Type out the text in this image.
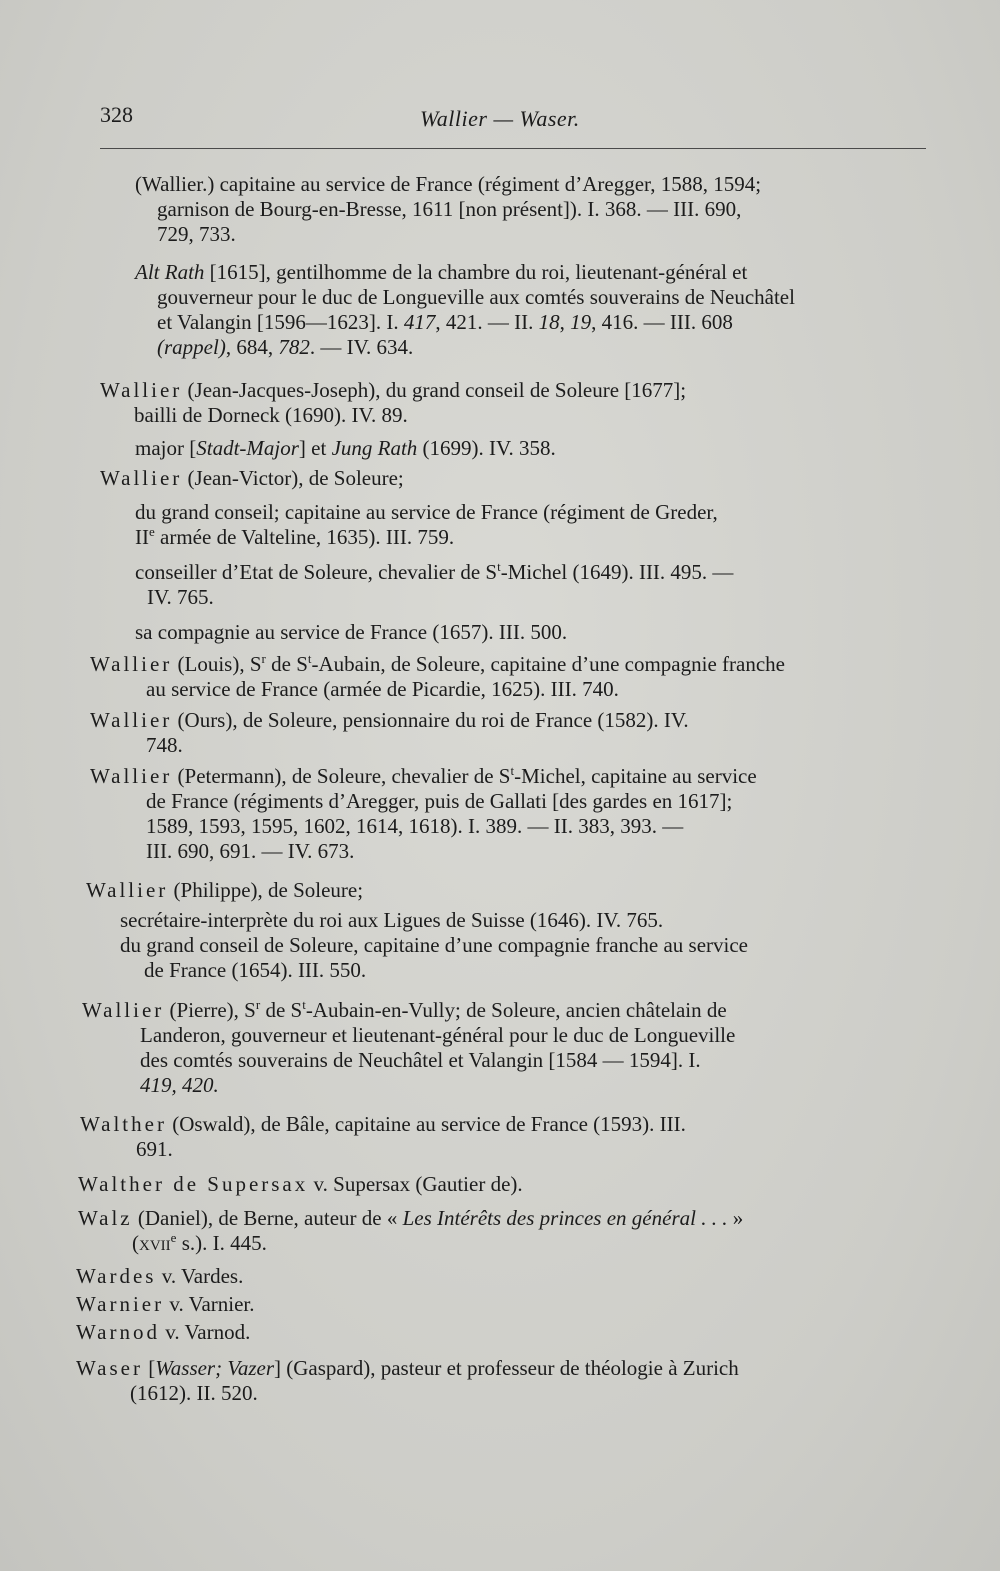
328	Wallier — Waser.
(Wallier.) capitaine au service de France (régiment d’Aregger, 1588, 1594;
garnison de Bourg-en-Bresse, 1611 [non présent]). I. 368. — III. 690,
729, 733.
Alt Rath [1615], gentilhomme de la chambre du roi, lieutenant-général et
gouverneur pour le duc de Longueville aux comtés souverains de Neuchâtel
et Valangin [1596—1623]. I. 417, 421. — II. 18, 19, 416. — III. 608
(rappel), 684, 782. — IV. 634.
Wallier (Jean-Jacques-Joseph), du grand conseil de Soleure [1677];
bailli de Dorneck (1690). IV. 89.
major [Stadt-Major] et Jung Rath (1699). IV. 358.
Wallier (Jean-Victor), de Soleure;
du grand conseil; capitaine au service de France (régiment de Greder,
IIe armée de Valteline, 1635). III. 759.
conseiller d’Etat de Soleure, chevalier de $S^t$-Michel (1649). III. 495. —
IV. 765.
sa compagnie au service de France (1657). III. 500.
Wallier (Louis), $S^r$ de $S^t$-Aubain, de Soleure, capitaine d’une compagnie franche
au service de France (armée de Picardie, 1625). III. 740.
Wallier (Ours), de Soleure, pensionnaire du roi de France (1582). IV.
748.
Wallier (Petermann), de Soleure, chevalier de $S^t$-Michel, capitaine au service
de France (régiments d’Aregger, puis de Gallati [des gardes en 1617];
1589, 1593, 1595, 1602, 1614, 1618). I. 389. — II. 383, 393. —
III. 690, 691. — IV. 673.
Wallier (Philippe), de Soleure;
secrétaire-interprète du roi aux Ligues de Suisse (1646). IV. 765.
du grand conseil de Soleure, capitaine d’une compagnie franche au service
de France (1654). III. 550.
Wallier (Pierre), $S^r$ de $S^t-Aubain-en$-Vully; de Soleure, ancien châtelain de
Landeron, gouverneur et lieutenant-général pour le duc de Longueville
des comtés souverains de Neuchâtel et Valangin [1584 — 1594]. I.
419, 420.
Walther (Oswald), de Bâle, capitaine au service de France (1593). III.
691.
Walther de Supersax v. Supersax (Gautier de).
Walz (Daniel), de Berne, auteur de « Les Intérêts des princes en général . . . »
(xvii$^e$ s.). I. 445.
Wardes v. Vardes.
Warnier v. Varnier.
Warnod v. Varnod.
Waser [Wasser; Vazer] (Gaspard), pasteur et professeur de théologie à Zurich
(1612). II. 520.
